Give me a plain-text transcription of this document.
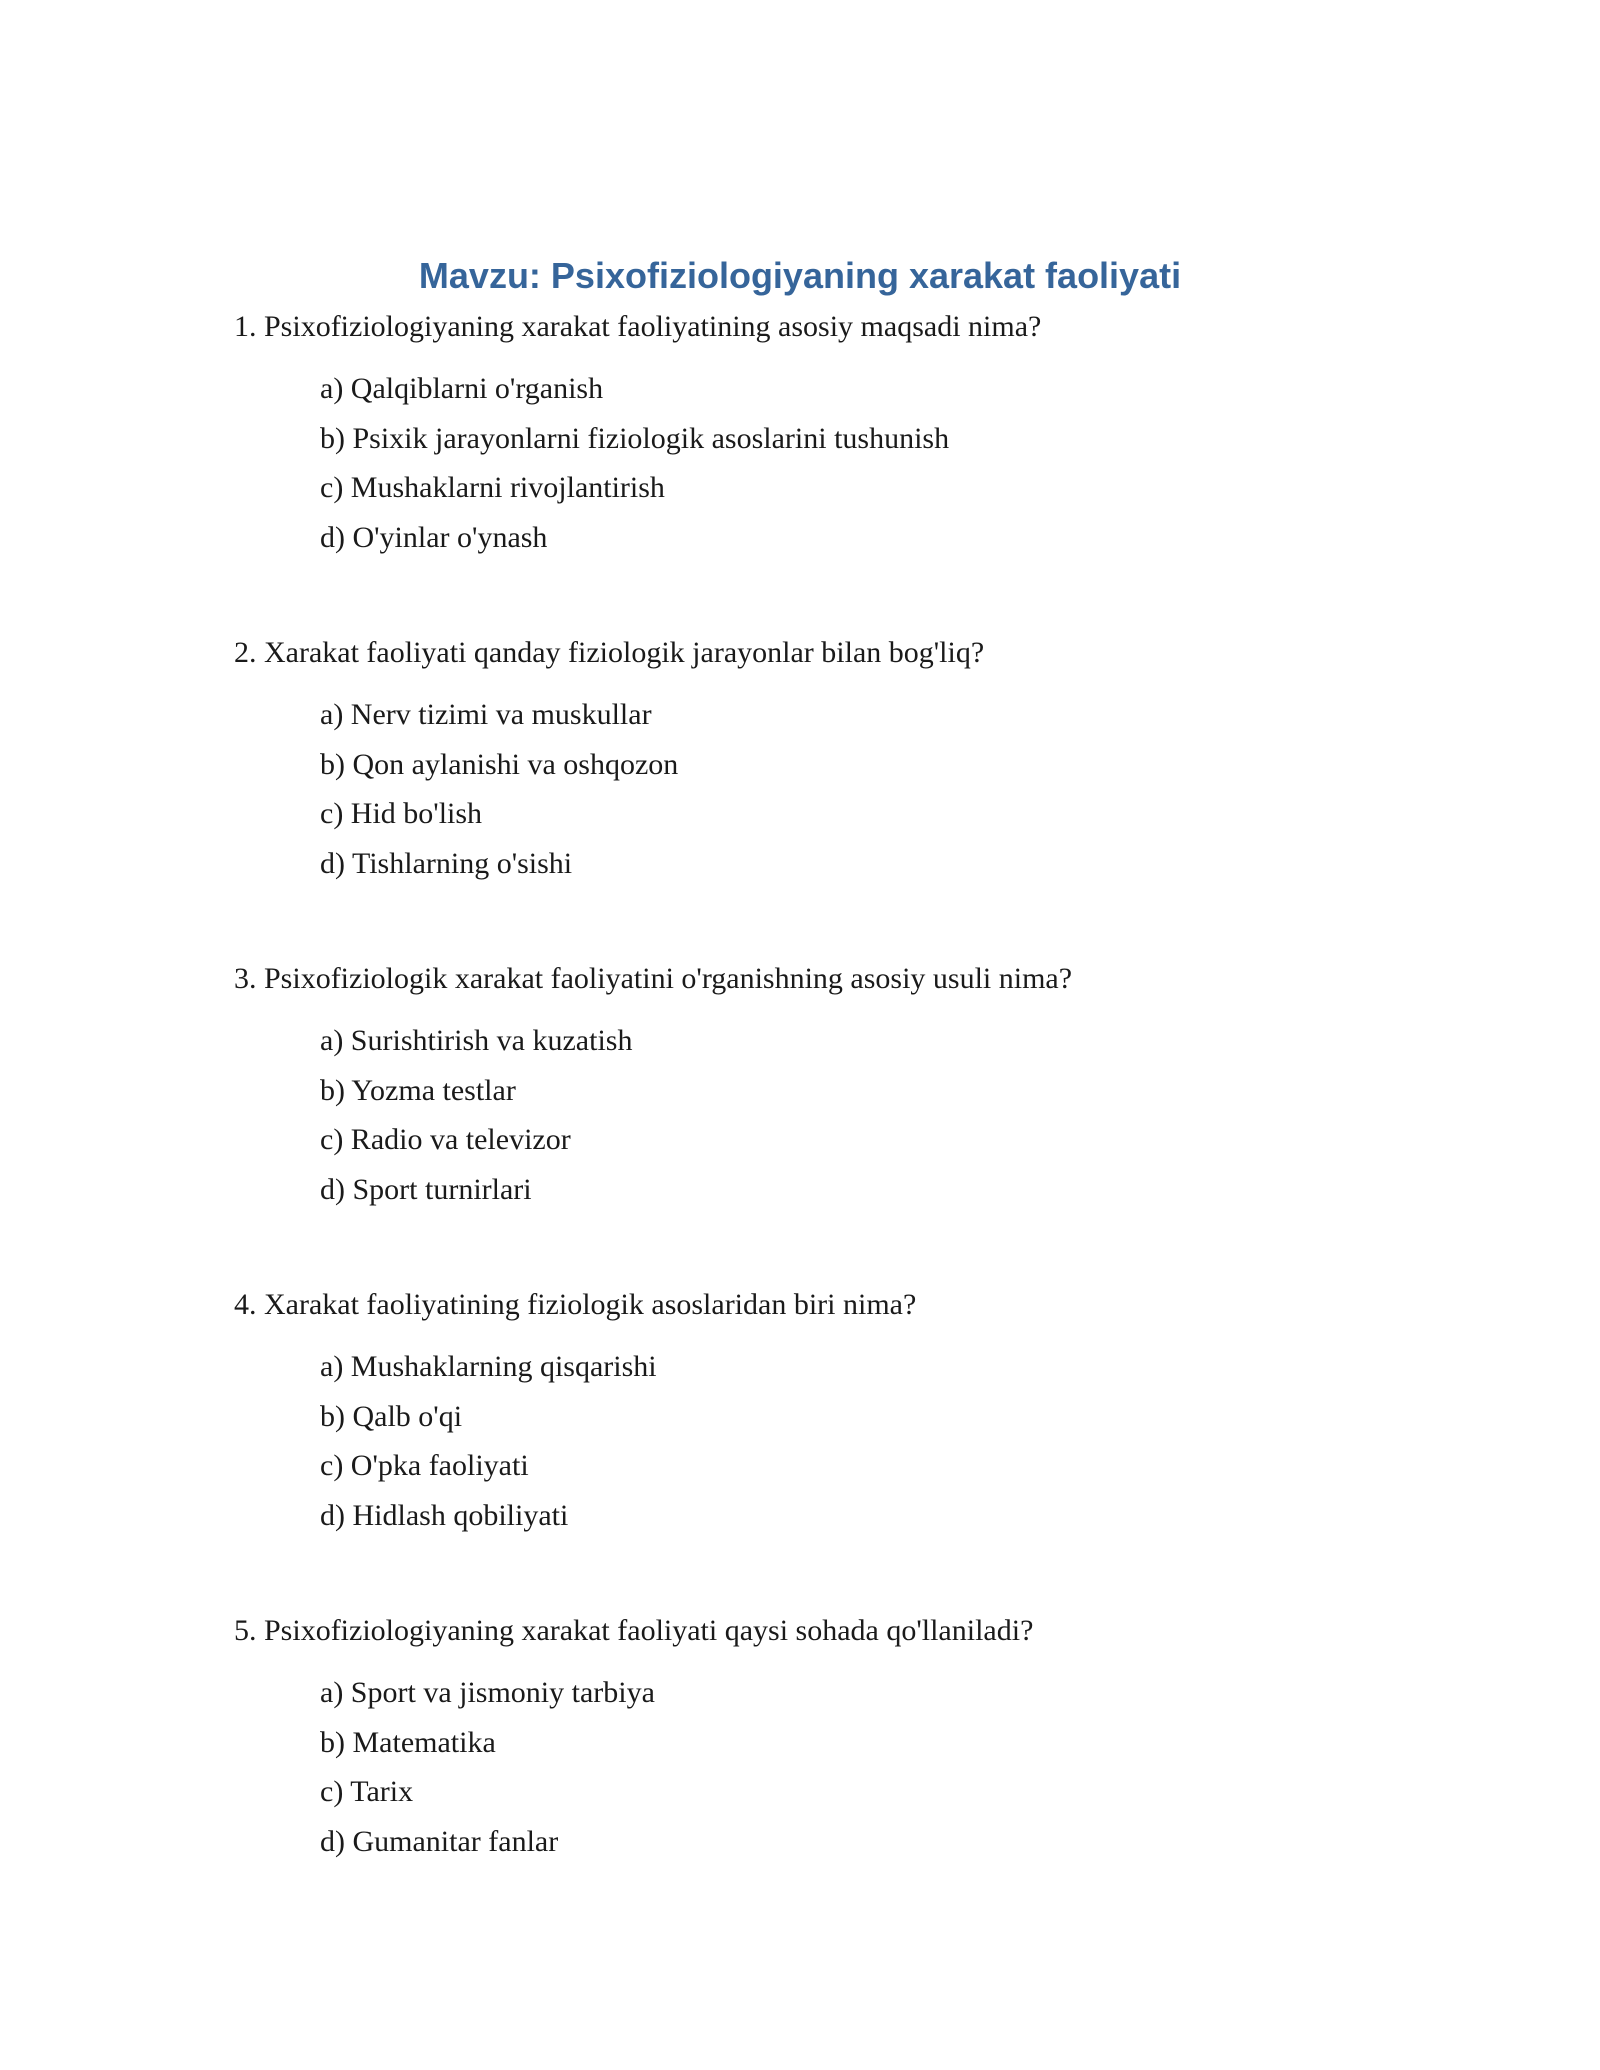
Mavzu: Psixofiziologiyaning xarakat faoliyati

1. Psixofiziologiyaning xarakat faoliyatining asosiy maqsadi nima?

a) Qalqiblarni o'rganish
b) Psixik jarayonlarni fiziologik asoslarini tushunish
c) Mushaklarni rivojlantirish
d) O'yinlar o'ynash

2. Xarakat faoliyati qanday fiziologik jarayonlar bilan bog'liq?

a) Nerv tizimi va muskullar
b) Qon aylanishi va oshqozon
c) Hid bo'lish
d) Tishlarning o'sishi

3. Psixofiziologik xarakat faoliyatini o'rganishning asosiy usuli nima?

a) Surishtirish va kuzatish
b) Yozma testlar
c) Radio va televizor
d) Sport turnirlari

4. Xarakat faoliyatining fiziologik asoslaridan biri nima?

a) Mushaklarning qisqarishi
b) Qalb o'qi
c) O'pka faoliyati
d) Hidlash qobiliyati

5. Psixofiziologiyaning xarakat faoliyati qaysi sohada qo'llaniladi?

a) Sport va jismoniy tarbiya
b) Matematika
c) Tarix
d) Gumanitar fanlar
